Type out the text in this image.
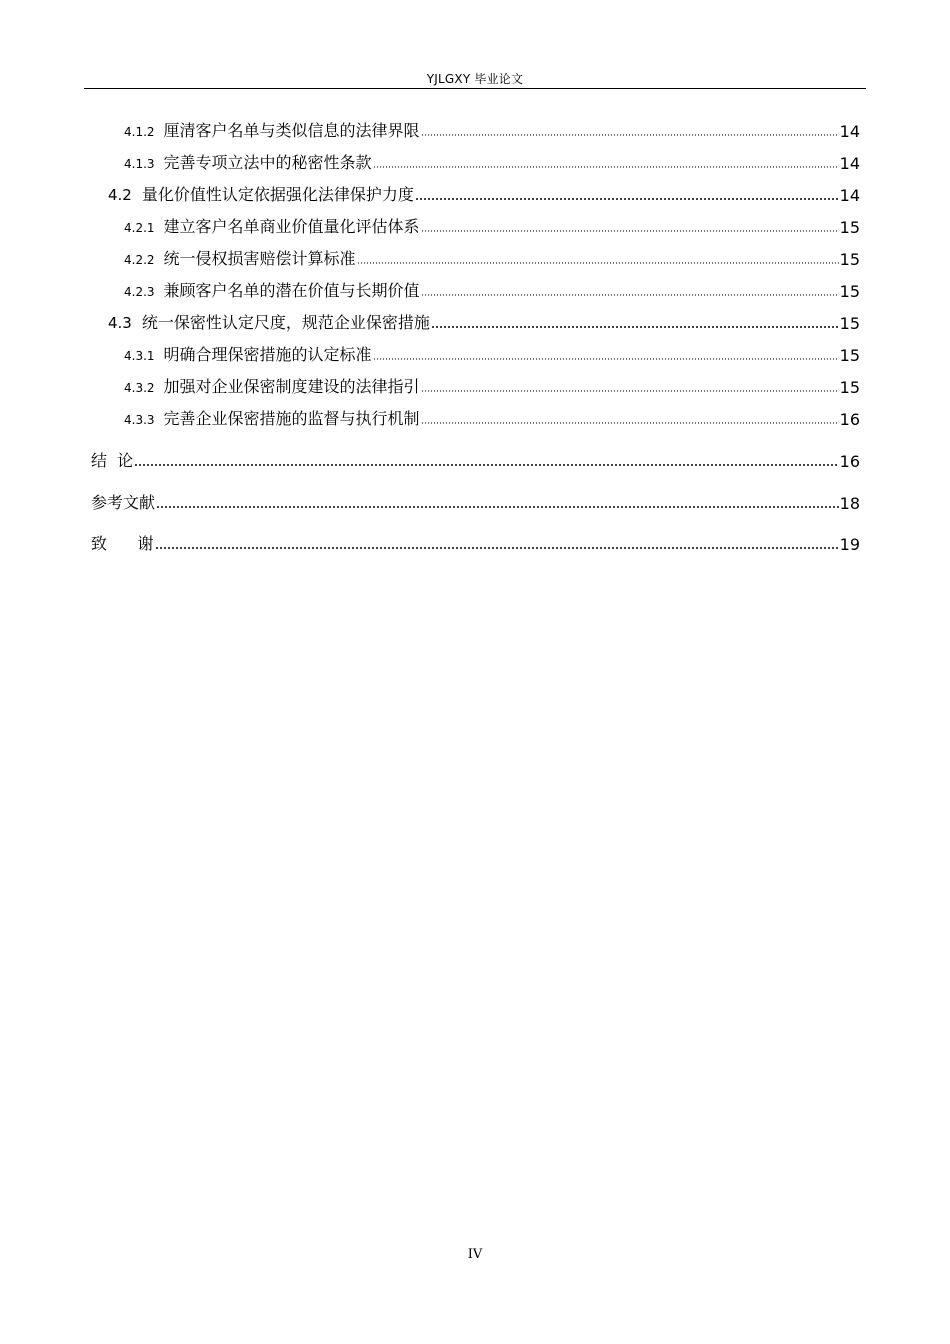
YJLGXY 毕业论文
4.1.2 厘清客户名单与类似信息的法律界限	14
4.1.3 完善专项立法中的秘密性条款	14
4.2 量化价值性认定依据强化法律保护力度	14
4.2.1 建立客户名单商业价值量化评估体系	15
4.2.2 统一侵权损害赔偿计算标准	15
4.2.3 兼顾客户名单的潜在价值与长期价值	15
4.3 统一保密性认定尺度，规范企业保密措施	15
4.3.1 明确合理保密措施的认定标准	15
4.3.2 加强对企业保密制度建设的法律指引	15
4.3.3 完善企业保密措施的监督与执行机制	16
结  论	16
参考文献	18
致      谢	19
IV
